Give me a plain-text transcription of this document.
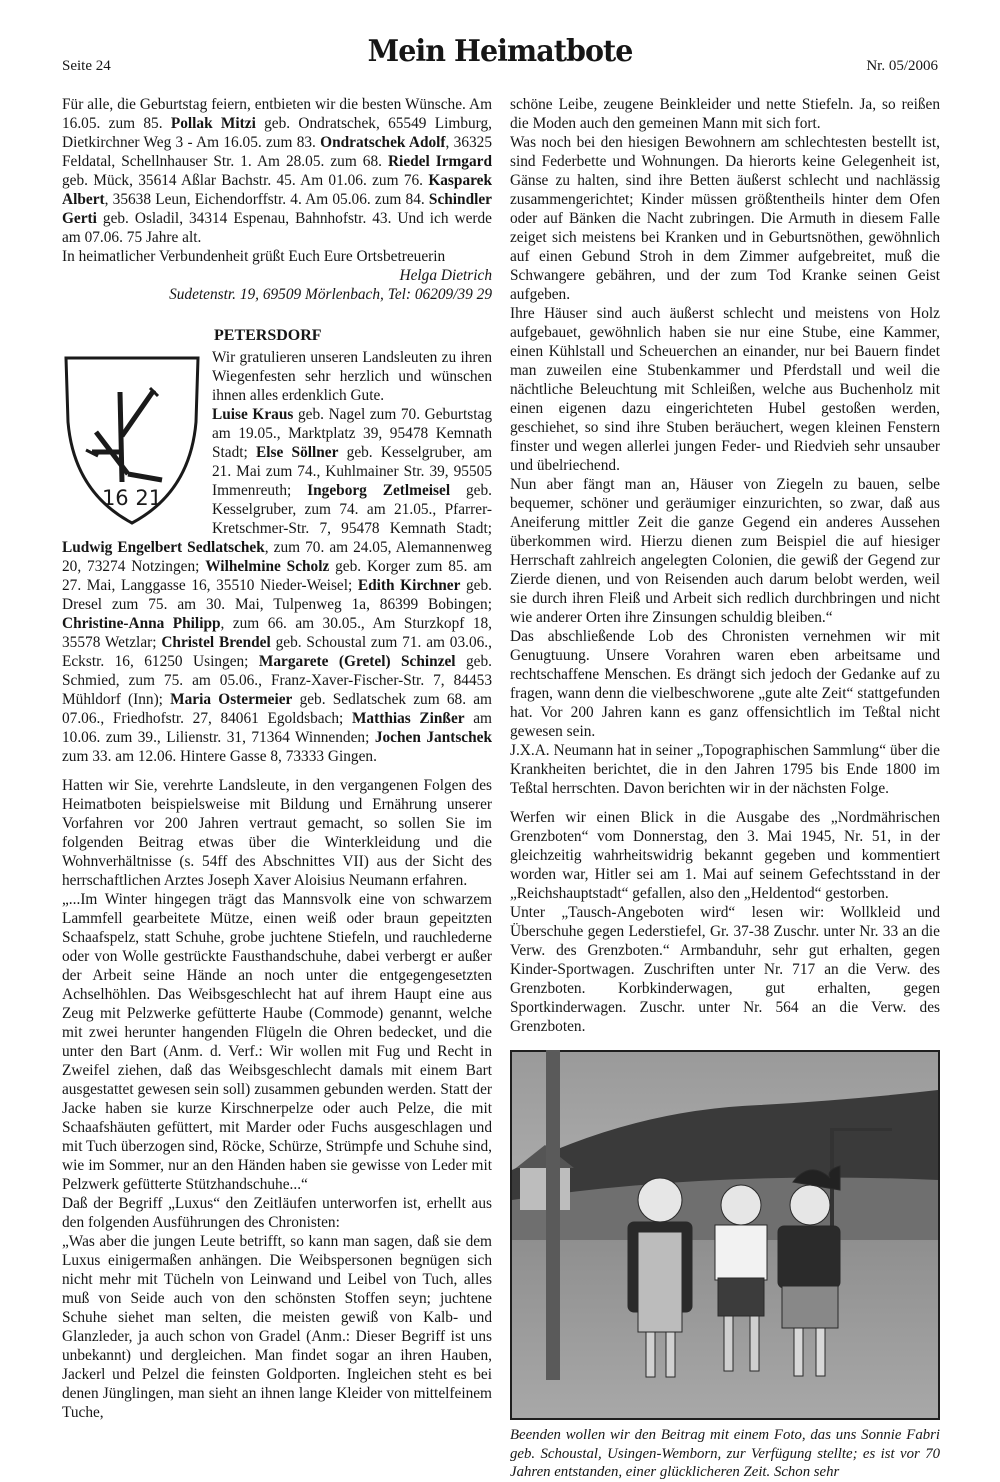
Seite 24	Mein Heimatbote	Nr. 05/2006

Für alle, die Geburtstag feiern, entbieten wir die besten Wünsche. Am 16.05. zum 85. Pollak Mitzi geb. Ondratschek, 65549 Limburg, Dietkirchner Weg 3 - Am 16.05. zum 83. Ondratschek Adolf, 36325 Feldatal, Schellnhauser Str. 1. Am 28.05. zum 68. Riedel Irmgard geb. Mück, 35614 Aßlar Bachstr. 45. Am 01.06. zum 76. Kasparek Albert, 35638 Leun, Eichendorffstr. 4. Am 05.06. zum 84. Schindler Gerti geb. Osladil, 34314 Espenau, Bahnhofstr. 43. Und ich werde am 07.06. 75 Jahre alt.

In heimatlicher Verbundenheit grüßt Euch Eure Ortsbetreuerin

Helga Dietrich

Sudetenstr. 19, 69509 Mörlenbach, Tel: 06209/39 29

PETERSDORF

16 21

Wir gratulieren unseren Landsleuten zu ihren Wiegenfesten sehr herzlich und wünschen ihnen alles erdenklich Gute.

Luise Kraus geb. Nagel zum 70. Geburtstag am 19.05., Marktplatz 39, 95478 Kemnath Stadt; Else Söllner geb. Kesselgruber, am 21. Mai zum 74., Kuhlmainer Str. 39, 95505 Immenreuth; Ingeborg Zetlmeisel geb. Kesselgruber, zum 74. am 21.05., Pfarrer-Kretschmer-Str. 7, 95478 Kemnath Stadt; Ludwig Engelbert Sedlatschek, zum 70. am 24.05, Alemannenweg 20, 73274 Notzingen; Wilhelmine Scholz geb. Korger zum 85. am 27. Mai, Langgasse 16, 35510 Nieder-Weisel; Edith Kirchner geb. Dresel zum 75. am 30. Mai, Tulpenweg 1a, 86399 Bobingen; Christine-Anna Philipp, zum 66. am 30.05., Am Sturzkopf 18, 35578 Wetzlar; Christel Brendel geb. Schoustal zum 71. am 03.06., Eckstr. 16, 61250 Usingen; Margarete (Gretel) Schinzel geb. Schmied, zum 75. am 05.06., Franz-Xaver-Fischer-Str. 7, 84453 Mühldorf (Inn); Maria Ostermeier geb. Sedlatschek zum 68. am 07.06., Friedhofstr. 27, 84061 Egoldsbach; Matthias Zinßer am 10.06. zum 39., Lilienstr. 31, 71364 Winnenden; Jochen Jantschek zum 33. am 12.06. Hintere Gasse 8, 73333 Gingen.

Hatten wir Sie, verehrte Landsleute, in den vergangenen Folgen des Heimatboten beispielsweise mit Bildung und Ernährung unserer Vorfahren vor 200 Jahren vertraut gemacht, so sollen Sie im folgenden Beitrag etwas über die Winterkleidung und die Wohnverhältnisse (s. 54ff des Abschnittes VII) aus der Sicht des herrschaftlichen Arztes Joseph Xaver Aloisius Neumann erfahren.

„...Im Winter hingegen trägt das Mannsvolk eine von schwarzem Lammfell gearbeitete Mütze, einen weiß oder braun gepeitzten Schaafspelz, statt Schuhe, grobe juchtene Stiefeln, und rauchlederne oder von Wolle gestrückte Fausthandschuhe, dabei verbergt er außer der Arbeit seine Hände an noch unter die entgegengesetzten Achselhöhlen. Das Weibsgeschlecht hat auf ihrem Haupt eine aus Zeug mit Pelzwerke gefütterte Haube (Commode) genannt, welche mit zwei herunter hangenden Flügeln die Ohren bedecket, und die unter den Bart (Anm. d. Verf.: Wir wollen mit Fug und Recht in Zweifel ziehen, daß das Weibsgeschlecht damals mit einem Bart ausgestattet gewesen sein soll) zusammen gebunden werden. Statt der Jacke haben sie kurze Kirschnerpelze oder auch Pelze, die mit Schaafshäuten gefüttert, mit Marder oder Fuchs ausgeschlagen und mit Tuch überzogen sind, Röcke, Schürze, Strümpfe und Schuhe sind, wie im Sommer, nur an den Händen haben sie gewisse von Leder mit Pelzwerk gefütterte Stützhandschuhe...“

Daß der Begriff „Luxus“ den Zeitläufen unterworfen ist, erhellt aus den folgenden Ausführungen des Chronisten:

„Was aber die jungen Leute betrifft, so kann man sagen, daß sie dem Luxus einigermaßen anhängen. Die Weibspersonen begnügen sich nicht mehr mit Tücheln von Leinwand und Leibel von Tuch, alles muß von Seide auch von den schönsten Stoffen seyn; juchtene Schuhe siehet man selten, die meisten gewiß von Kalb- und Glanzleder, ja auch schon von Gradel (Anm.: Dieser Begriff ist uns unbekannt) und dergleichen. Man findet sogar an ihren Hauben, Jackerl und Pelzel die feinsten Goldporten. Ingleichen steht es bei denen Jünglingen, man sieht an ihnen lange Kleider von mittelfeinem Tuche,

schöne Leibe, zeugene Beinkleider und nette Stiefeln. Ja, so reißen die Moden auch den gemeinen Mann mit sich fort.

Was noch bei den hiesigen Bewohnern am schlechtesten bestellt ist, sind Federbette und Wohnungen. Da hierorts keine Gelegenheit ist, Gänse zu halten, sind ihre Betten äußerst schlecht und nachlässig zusammengerichtet; Kinder müssen größtentheils hinter dem Ofen oder auf Bänken die Nacht zubringen. Die Armuth in diesem Falle zeiget sich meistens bei Kranken und in Geburtsnöthen, gewöhnlich auf einen Gebund Stroh in dem Zimmer aufgebreitet, muß die Schwangere gebähren, und der zum Tod Kranke seinen Geist aufgeben.

Ihre Häuser sind auch äußerst schlecht und meistens von Holz aufgebauet, gewöhnlich haben sie nur eine Stube, eine Kammer, einen Kühlstall und Scheuerchen an einander, nur bei Bauern findet man zuweilen eine Stubenkammer und Pferdstall und weil die nächtliche Beleuchtung mit Schleißen, welche aus Buchenholz mit einen eigenen dazu eingerichteten Hubel gestoßen werden, geschiehet, so sind ihre Stuben beräuchert, wegen kleinen Fenstern finster und wegen allerlei jungen Feder- und Riedvieh sehr unsauber und übelriechend.

Nun aber fängt man an, Häuser von Ziegeln zu bauen, selbe bequemer, schöner und geräumiger einzurichten, so zwar, daß aus Aneiferung mittler Zeit die ganze Gegend ein anderes Aussehen überkommen wird. Hierzu dienen zum Beispiel die auf hiesiger Herrschaft zahlreich angelegten Colonien, die gewiß der Gegend zur Zierde dienen, und von Reisenden auch darum belobt werden, weil sie durch ihren Fleiß und Arbeit sich redlich durchbringen und nicht wie anderer Orten ihre Zinsungen schuldig bleiben.“

Das abschließende Lob des Chronisten vernehmen wir mit Genugtuung. Unsere Vorahren waren eben arbeitsame und rechtschaffene Menschen. Es drängt sich jedoch der Gedanke auf zu fragen, wann denn die vielbeschworene „gute alte Zeit“ stattgefunden hat. Vor 200 Jahren kann es ganz offensichtlich im Teßtal nicht gewesen sein.

J.X.A. Neumann hat in seiner „Topographischen Sammlung“ über die Krankheiten berichtet, die in den Jahren 1795 bis Ende 1800 im Teßtal herrschten. Davon berichten wir in der nächsten Folge.

Werfen wir einen Blick in die Ausgabe des „Nordmährischen Grenzboten“ vom Donnerstag, den 3. Mai 1945, Nr. 51, in der gleichzeitig wahrheitswidrig bekannt gegeben und kommentiert worden war, Hitler sei am 1. Mai auf seinem Gefechtsstand in der „Reichshauptstadt“ gefallen, also den „Heldentod“ gestorben.

Unter „Tausch-Angeboten wird“ lesen wir: Wollkleid und Überschuhe gegen Lederstiefel, Gr. 37-38 Zuschr. unter Nr. 33 an die Verw. des Grenzboten.“ Armbanduhr, sehr gut erhalten, gegen Kinder-Sportwagen. Zuschriften unter Nr. 717 an die Verw. des Grenzboten. Korbkinderwagen, gut erhalten, gegen Sportkinderwagen. Zuschr. unter Nr. 564 an die Verw. des Grenzboten.

Beenden wollen wir den Beitrag mit einem Foto, das uns Sonnie Fabri geb. Schoustal, Usingen-Wemborn, zur Verfügung stellte; es ist vor 70 Jahren entstanden, einer glücklicheren Zeit. Schon sehr
